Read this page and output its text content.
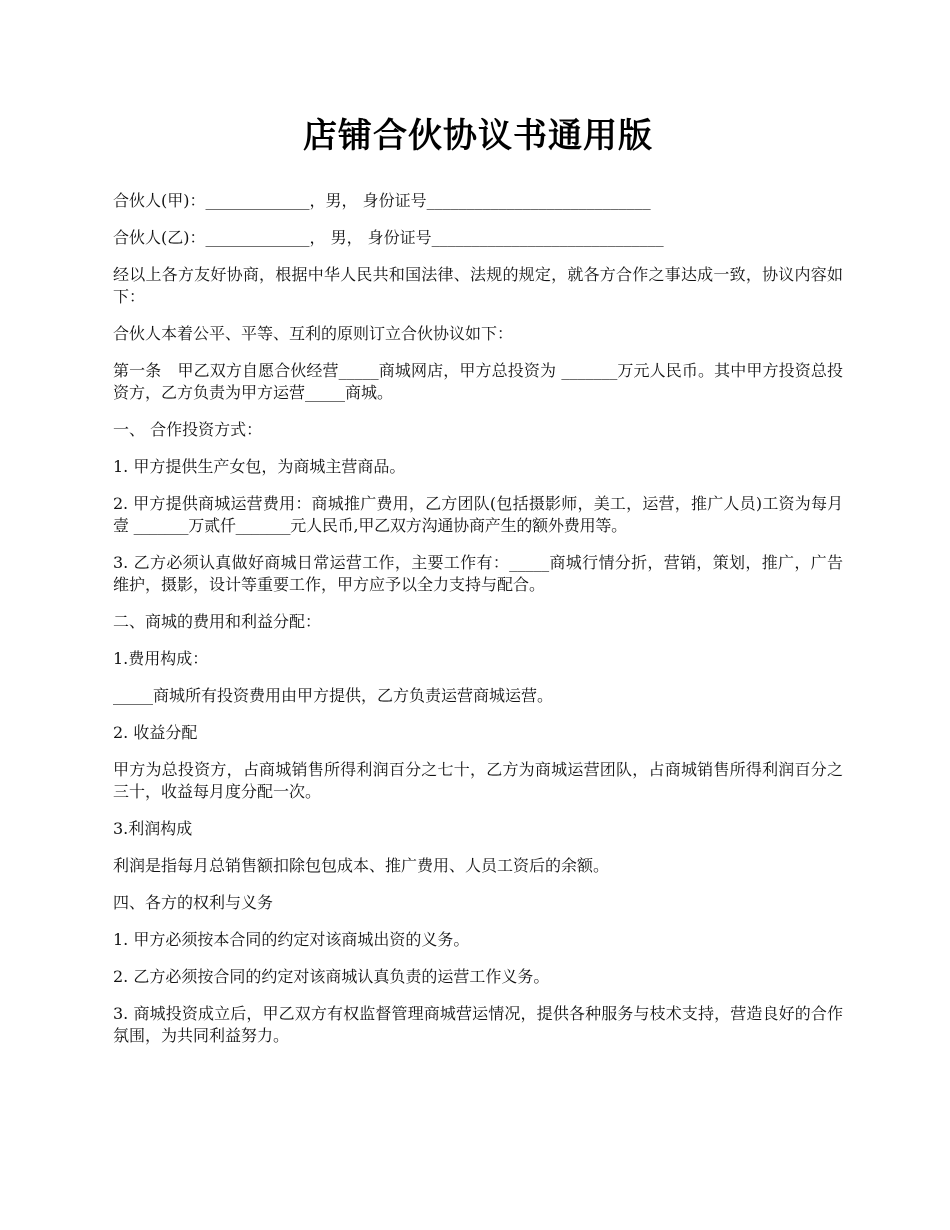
店铺合伙协议书通用版

合伙人(甲)：_____________，男， 身份证号____________________________

合伙人(乙)：_____________， 男， 身份证号_____________________________

经以上各方友好协商，根据中华人民共和国法律、法规的规定，就各方合作之事达成一致，协议内容如下：

合伙人本着公平、平等、互利的原则订立合伙协议如下：

第一条　甲乙双方自愿合伙经营_____商城网店，甲方总投资为 _______万元人民币。其中甲方投资总投资方，乙方负责为甲方运营_____商城。

一、 合作投资方式：

1. 甲方提供生产女包，为商城主营商品。

2. 甲方提供商城运营费用：商城推广费用，乙方团队(包括摄影师，美工，运营，推广人员)工资为每月 壹 _______万贰仟_______元人民币,甲乙双方沟通协商产生的额外费用等。

3. 乙方必须认真做好商城日常运营工作，主要工作有：_____商城行情分折，营销，策划，推广，广告维护，摄影，设计等重要工作，甲方应予以全力支持与配合。

二、商城的费用和利益分配：

1.费用构成：

_____商城所有投资费用由甲方提供，乙方负责运营商城运营。

2. 收益分配

甲方为总投资方，占商城销售所得利润百分之七十，乙方为商城运营团队，占商城销售所得利润百分之三十，收益每月度分配一次。

3.利润构成

利润是指每月总销售额扣除包包成本、推广费用、人员工资后的余额。

四、各方的权利与义务

1. 甲方必须按本合同的约定对该商城出资的义务。

2. 乙方必须按合同的约定对该商城认真负责的运营工作义务。

3. 商城投资成立后，甲乙双方有权监督管理商城营运情况，提供各种服务与枝术支持，营造良好的合作氛围，为共同利益努力。
